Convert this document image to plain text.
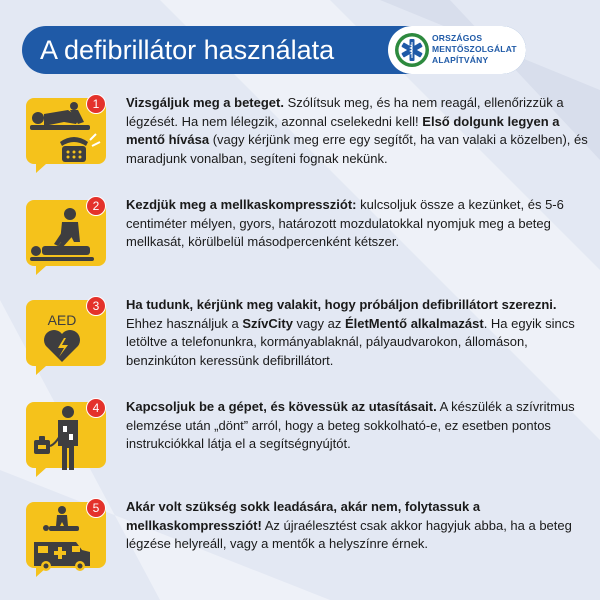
A defibrillátor használata	ORSZÁGOS
MENTŐSZOLGÁLAT
ALAPÍTVÁNY
1	Vizsgáljuk meg a beteget. Szólítsuk meg, és ha nem reagál, ellenőrizzük a légzését. Ha nem lélegzik, azonnal cselekedni kell! Első dolgunk legyen a mentő hívása (vagy kérjünk meg erre egy segítőt, ha van valaki a közelben), és maradjunk vonalban, segíteni fognak nekünk.
2	Kezdjük meg a mellkaskompressziót: kulcsoljuk össze a kezünket, és 5-6 centiméter mélyen, gyors, határozott mozdulatokkal nyomjuk meg a beteg mellkasát, körülbelül másodpercenként kétszer.
AED
3	Ha tudunk, kérjünk meg valakit, hogy próbáljon defibrillátort szerezni. Ehhez használjuk a SzívCity vagy az ÉletMentő alkalmazást. Ha egyik sincs letöltve a telefonunkra, kormányablaknál, pályaudvarokon, állomáson, benzinkúton keressünk defibrillátort.
4	Kapcsoljuk be a gépet, és kövessük az utasításait. A készülék a szívritmus elemzése után „dönt” arról, hogy a beteg sokkolható-e, ez esetben pontos instrukciókkal látja el a segítségnyújtót.
5	Akár volt szükség sokk leadására, akár nem, folytassuk a mellkaskompressziót! Az újraélesztést csak akkor hagyjuk abba, ha a beteg légzése helyreáll, vagy a mentők a helyszínre érnek.
